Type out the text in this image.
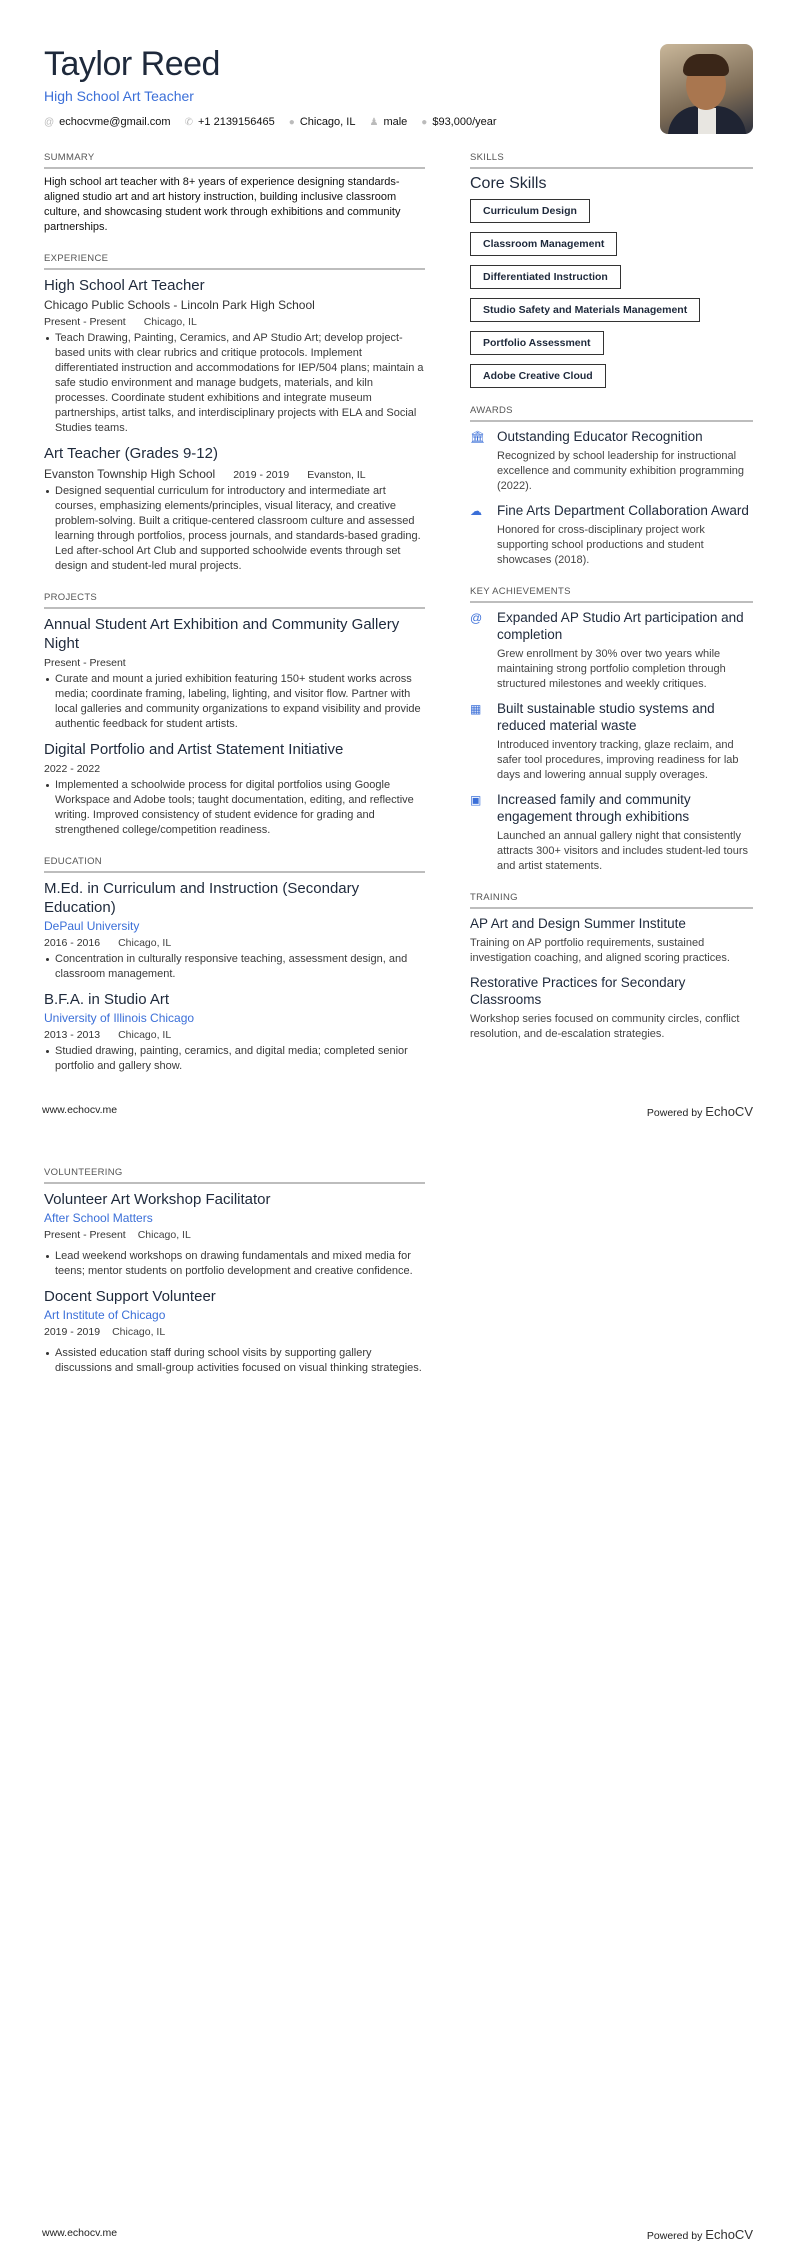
Taylor Reed
High School Art Teacher
@ echocvme@gmail.com ✆ +1 2139156465 ● Chicago, IL ♟ male ● $93,000/year
SUMMARY
High school art teacher with 8+ years of experience designing standards-aligned studio art and art history instruction, building inclusive classroom culture, and showcasing student work through exhibitions and community partnerships.
EXPERIENCE
High School Art Teacher
Chicago Public Schools - Lincoln Park High School
Present - Present Chicago, IL
Teach Drawing, Painting, Ceramics, and AP Studio Art; develop project-based units with clear rubrics and critique protocols. Implement differentiated instruction and accommodations for IEP/504 plans; maintain a safe studio environment and manage budgets, materials, and kiln processes. Coordinate student exhibitions and integrate museum partnerships, artist talks, and interdisciplinary projects with ELA and Social Studies teams.
Art Teacher (Grades 9-12)
Evanston Township High School 2019 - 2019 Evanston, IL
Designed sequential curriculum for introductory and intermediate art courses, emphasizing elements/principles, visual literacy, and creative problem-solving. Built a critique-centered classroom culture and assessed learning through portfolios, process journals, and standards-based grading. Led after-school Art Club and supported schoolwide events through set design and student-led mural projects.
PROJECTS
Annual Student Art Exhibition and Community Gallery Night
Present - Present
Curate and mount a juried exhibition featuring 150+ student works across media; coordinate framing, labeling, lighting, and visitor flow. Partner with local galleries and community organizations to expand visibility and provide authentic feedback for student artists.
Digital Portfolio and Artist Statement Initiative
2022 - 2022
Implemented a schoolwide process for digital portfolios using Google Workspace and Adobe tools; taught documentation, editing, and reflective writing. Improved consistency of student evidence for grading and strengthened college/competition readiness.
EDUCATION
M.Ed. in Curriculum and Instruction (Secondary Education)
DePaul University
2016 - 2016 Chicago, IL
Concentration in culturally responsive teaching, assessment design, and classroom management.
B.F.A. in Studio Art
University of Illinois Chicago
2013 - 2013 Chicago, IL
Studied drawing, painting, ceramics, and digital media; completed senior portfolio and gallery show.
SKILLS
Core Skills
Curriculum Design
Classroom Management
Differentiated Instruction
Studio Safety and Materials Management
Portfolio Assessment
Adobe Creative Cloud
AWARDS
🏛 Outstanding Educator Recognition
Recognized by school leadership for instructional excellence and community exhibition programming (2022).
☁	Fine Arts Department Collaboration Award
Honored for cross-disciplinary project work supporting school productions and student showcases (2018).
KEY ACHIEVEMENTS
@	Expanded AP Studio Art participation and completion
Grew enrollment by 30% over two years while maintaining strong portfolio completion through structured milestones and weekly critiques.
▦	Built sustainable studio systems and reduced material waste
Introduced inventory tracking, glaze reclaim, and safer tool procedures, improving readiness for lab days and lowering annual supply overages.
▣	Increased family and community engagement through exhibitions
Launched an annual gallery night that consistently attracts 300+ visitors and includes student-led tours and artist statements.
TRAINING
AP Art and Design Summer Institute
Training on AP portfolio requirements, sustained investigation coaching, and aligned scoring practices.
Restorative Practices for Secondary Classrooms
Workshop series focused on community circles, conflict resolution, and de-escalation strategies.
www.echocv.me	Powered by EchoCV
VOLUNTEERING
Volunteer Art Workshop Facilitator
After School Matters
Present - Present Chicago, IL
Lead weekend workshops on drawing fundamentals and mixed media for teens; mentor students on portfolio development and creative confidence.
Docent Support Volunteer
Art Institute of Chicago
2019 - 2019 Chicago, IL
Assisted education staff during school visits by supporting gallery discussions and small-group activities focused on visual thinking strategies.
www.echocv.me	Powered by EchoCV
